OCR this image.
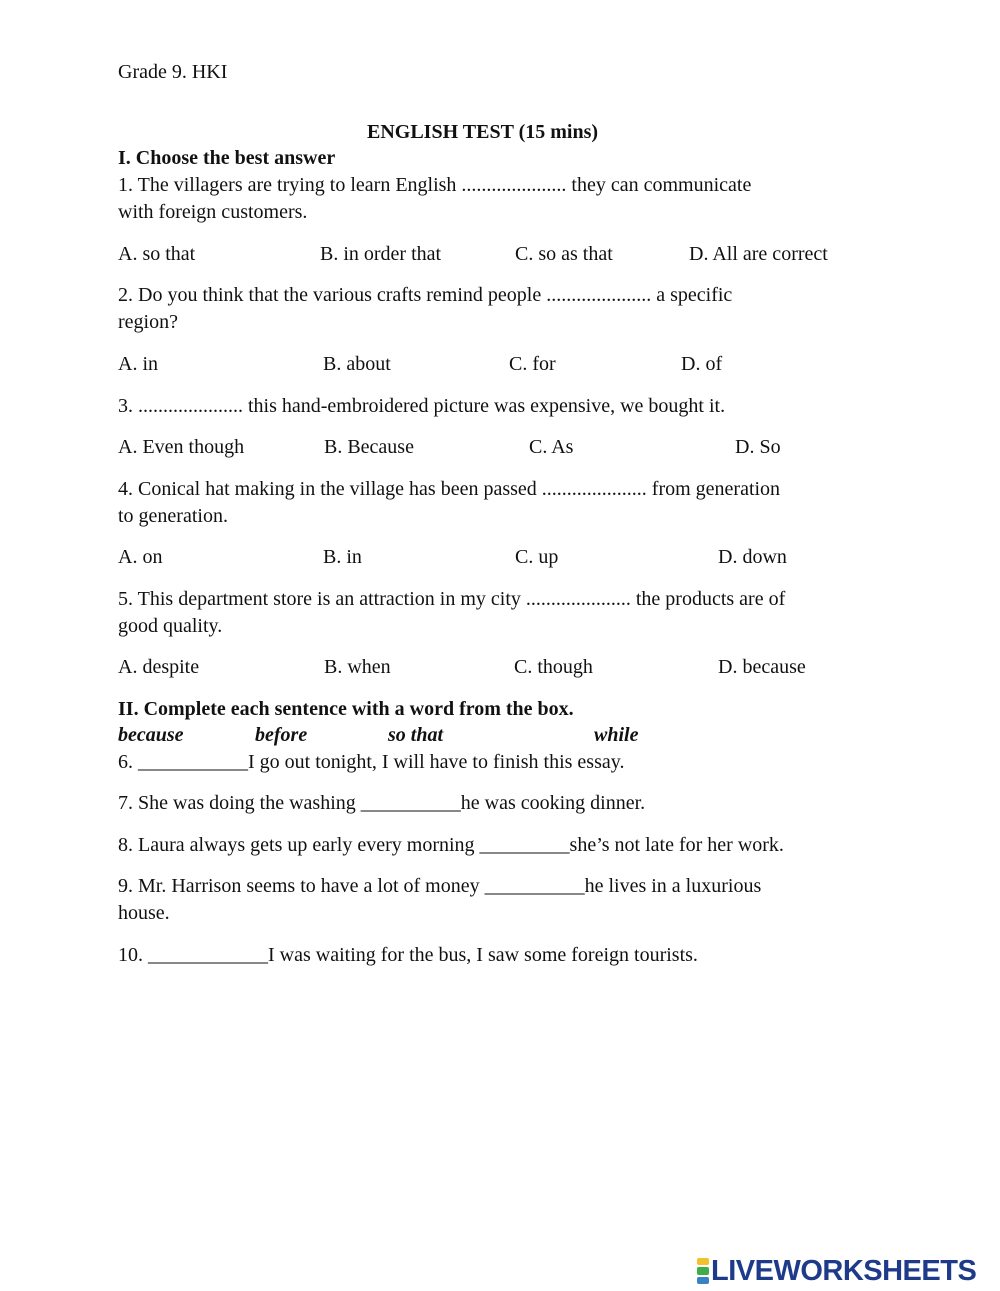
Grade 9. HKI
ENGLISH TEST (15 mins)
I. Choose the best answer
1. The villagers are trying to learn English ..................... they can communicate
with foreign customers.
A. so that	B. in order that	C. so as that	D. All are correct
2. Do you think that the various crafts remind people ..................... a specific
region?
A. in	B. about	C. for	D. of
3. ..................... this hand-embroidered picture was expensive, we bought it.
A. Even though	B. Because	C. As	D. So
4. Conical hat making in the village has been passed ..................... from generation
to generation.
A. on	B. in	C. up	D. down
5. This department store is an attraction in my city ..................... the products are of
good quality.
A. despite	B. when	C. though	D. because
II. Complete each sentence with a word from the box.
because	before	so that	while
6. ___________I go out tonight, I will have to finish this essay.
7. She was doing the washing __________he was cooking dinner.
8. Laura always gets up early every morning _________she’s not late for her work.
9. Mr. Harrison seems to have a lot of money __________he lives in a luxurious
house.
10. ____________I was waiting for the bus, I saw some foreign tourists.
LIVEWORKSHEETS
